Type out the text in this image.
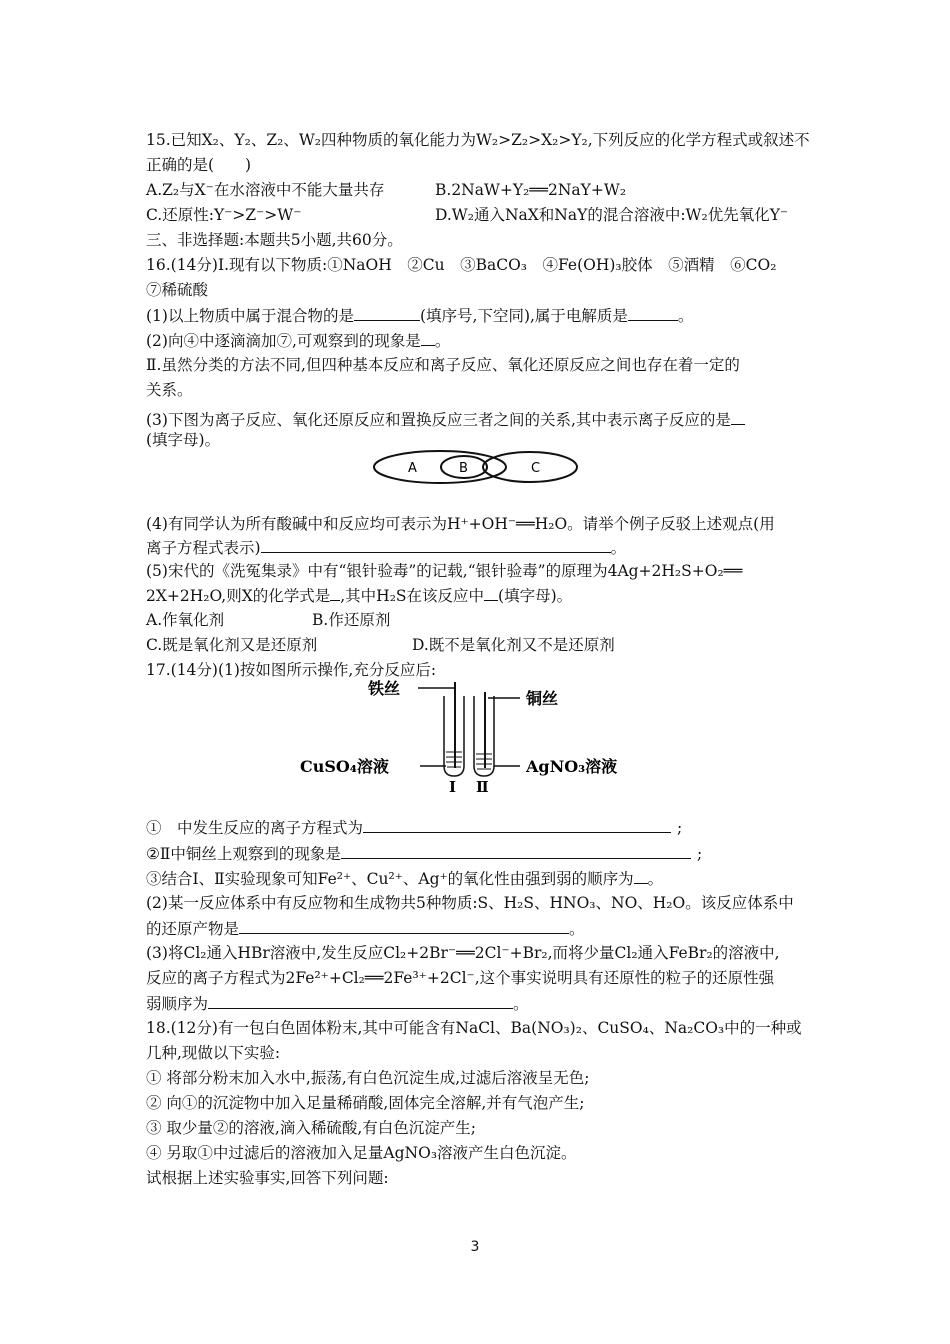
15.已知X₂、Y₂、Z₂、W₂四种物质的氧化能力为W₂>Z₂>X₂>Y₂,下列反应的化学方程式或叙述不
正确的是(　　)
A.Z₂与X⁻在水溶液中不能大量共存	B.2NaW+Y₂══2NaY+W₂
C.还原性:Y⁻>Z⁻>W⁻	D.W₂通入NaX和NaY的混合溶液中:W₂优先氧化Y⁻
三、非选择题:本题共5小题,共60分。
16.(14分)Ⅰ.现有以下物质:①NaOH　②Cu　③BaCO₃　④Fe(OH)₃胶体　⑤酒精　⑥CO₂
⑦稀硫酸
(1)以上物质中属于混合物的是	(填序号,下空同),属于电解质是	。
(2)向④中逐滴滴加⑦,可观察到的现象是 。
Ⅱ.虽然分类的方法不同,但四种基本反应和离子反应、氧化还原反应之间也存在着一定的
关系。
(3)下图为离子反应、氧化还原反应和置换反应三者之间的关系,其中表示离子反应的是
(填字母)。
A	B	C
(4)有同学认为所有酸碱中和反应均可表示为H⁺+OH⁻══H₂O。请举个例子反驳上述观点(用
离子方程式表示)	。
(5)宋代的《洗冤集录》中有“银针验毒”的记载,“银针验毒”的原理为4Ag+2H₂S+O₂══
2X+2H₂O,则X的化学式是 ,其中H₂S在该反应中 (填字母)。
A.作氧化剂	B.作还原剂
C.既是氧化剂又是还原剂	D.既不是氧化剂又不是还原剂
17.(14分)(1)按如图所示操作,充分反应后:
铁丝
铜丝
CuSO₄溶液	AgNO₃溶液
Ⅰ Ⅱ
①　中发生反应的离子方程式为	;
②Ⅱ中铜丝上观察到的现象是	;
③结合Ⅰ、Ⅱ实验现象可知Fe²⁺、Cu²⁺、Ag⁺的氧化性由强到弱的顺序为 。
(2)某一反应体系中有反应物和生成物共5种物质:S、H₂S、HNO₃、NO、H₂O。该反应体系中
的还原产物是	。
(3)将Cl₂通入HBr溶液中,发生反应Cl₂+2Br⁻══2Cl⁻+Br₂,而将少量Cl₂通入FeBr₂的溶液中,
反应的离子方程式为2Fe²⁺+Cl₂══2Fe³⁺+2Cl⁻,这个事实说明具有还原性的粒子的还原性强
弱顺序为	。
18.(12分)有一包白色固体粉末,其中可能含有NaCl、Ba(NO₃)₂、CuSO₄、Na₂CO₃中的一种或
几种,现做以下实验:
① 将部分粉末加入水中,振荡,有白色沉淀生成,过滤后溶液呈无色;
② 向①的沉淀物中加入足量稀硝酸,固体完全溶解,并有气泡产生;
③ 取少量②的溶液,滴入稀硫酸,有白色沉淀产生;
④ 另取①中过滤后的溶液加入足量AgNO₃溶液产生白色沉淀。
试根据上述实验事实,回答下列问题:
3
